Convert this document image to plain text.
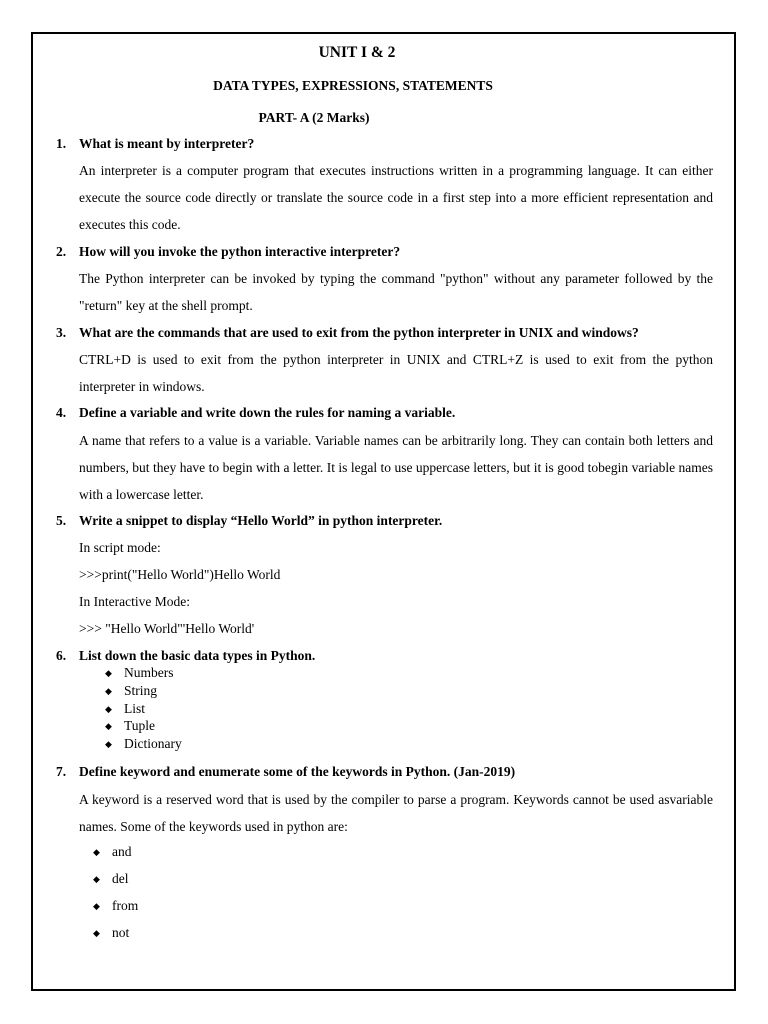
UNIT I & 2
DATA TYPES, EXPRESSIONS, STATEMENTS
PART- A (2 Marks)
1. What is meant by interpreter?
An interpreter is a computer program that executes instructions written in a programming language. It can either execute the source code directly or translate the source code in a first step into a more efficient representation and executes this code.
2. How will you invoke the python interactive interpreter?
The Python interpreter can be invoked by typing the command "python" without any parameter followed by the "return" key at the shell prompt.
3. What are the commands that are used to exit from the python interpreter in UNIX and windows?
CTRL+D is used to exit from the python interpreter in UNIX and CTRL+Z is used to exit from the python interpreter in windows.
4. Define a variable and write down the rules for naming a variable.
A name that refers to a value is a variable. Variable names can be arbitrarily long. They can contain both letters and numbers, but they have to begin with a letter. It is legal to use uppercase letters, but it is good tobegin variable names with a lowercase letter.
5. Write a snippet to display “Hello World” in python interpreter.
In script mode:
>>>print("Hello World")Hello World
In Interactive Mode:
>>> "Hello World"'Hello World'
6. List down the basic data types in Python.
◆ Numbers
◆ String
◆ List
◆ Tuple
◆ Dictionary
7. Define keyword and enumerate some of the keywords in Python. (Jan-2019)
A keyword is a reserved word that is used by the compiler to parse a program. Keywords cannot be used asvariable names. Some of the keywords used in python are:
◆ and
◆ del
◆ from
◆ not
